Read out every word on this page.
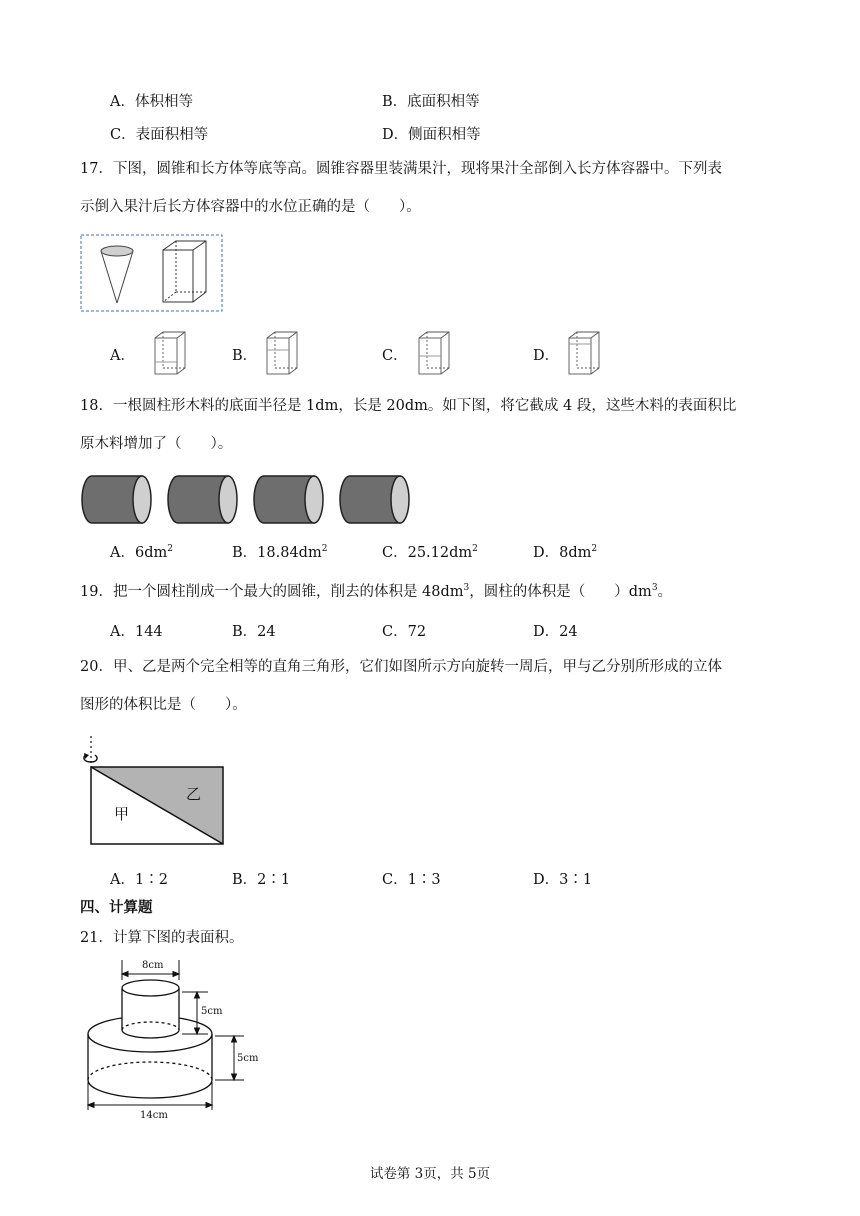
A．体积相等	B．底面积相等
C．表面积相等	D．侧面积相等
17．下图，圆锥和长方体等底等高。圆锥容器里装满果汁，现将果汁全部倒入长方体容器中。下列表
示倒入果汁后长方体容器中的水位正确的是（　　）。
A．	B．	C．	D．
18．一根圆柱形木料的底面半径是 1dm，长是 20dm。如下图，将它截成 4 段，这些木料的表面积比
原木料增加了（　　）。
A．$6dm^2$	B．$18.84dm^2$	C．$25.12dm^2$	D．$8dm^2$
19．把一个圆柱削成一个最大的圆锥，削去的体积是 $48dm^3$，圆柱的体积是（　　）$dm^3$。
A．144	B．24	C．72	D．24
20．甲、乙是两个完全相等的直角三角形，它们如图所示方向旋转一周后，甲与乙分别所形成的立体
图形的体积比是（　　）。
甲
乙
A．1∶2	B．2∶1	C．1∶3	D．3∶1
四、计算题
21．计算下图的表面积。
8cm
5cm
5cm
14cm
试卷第 3页，共 5页
